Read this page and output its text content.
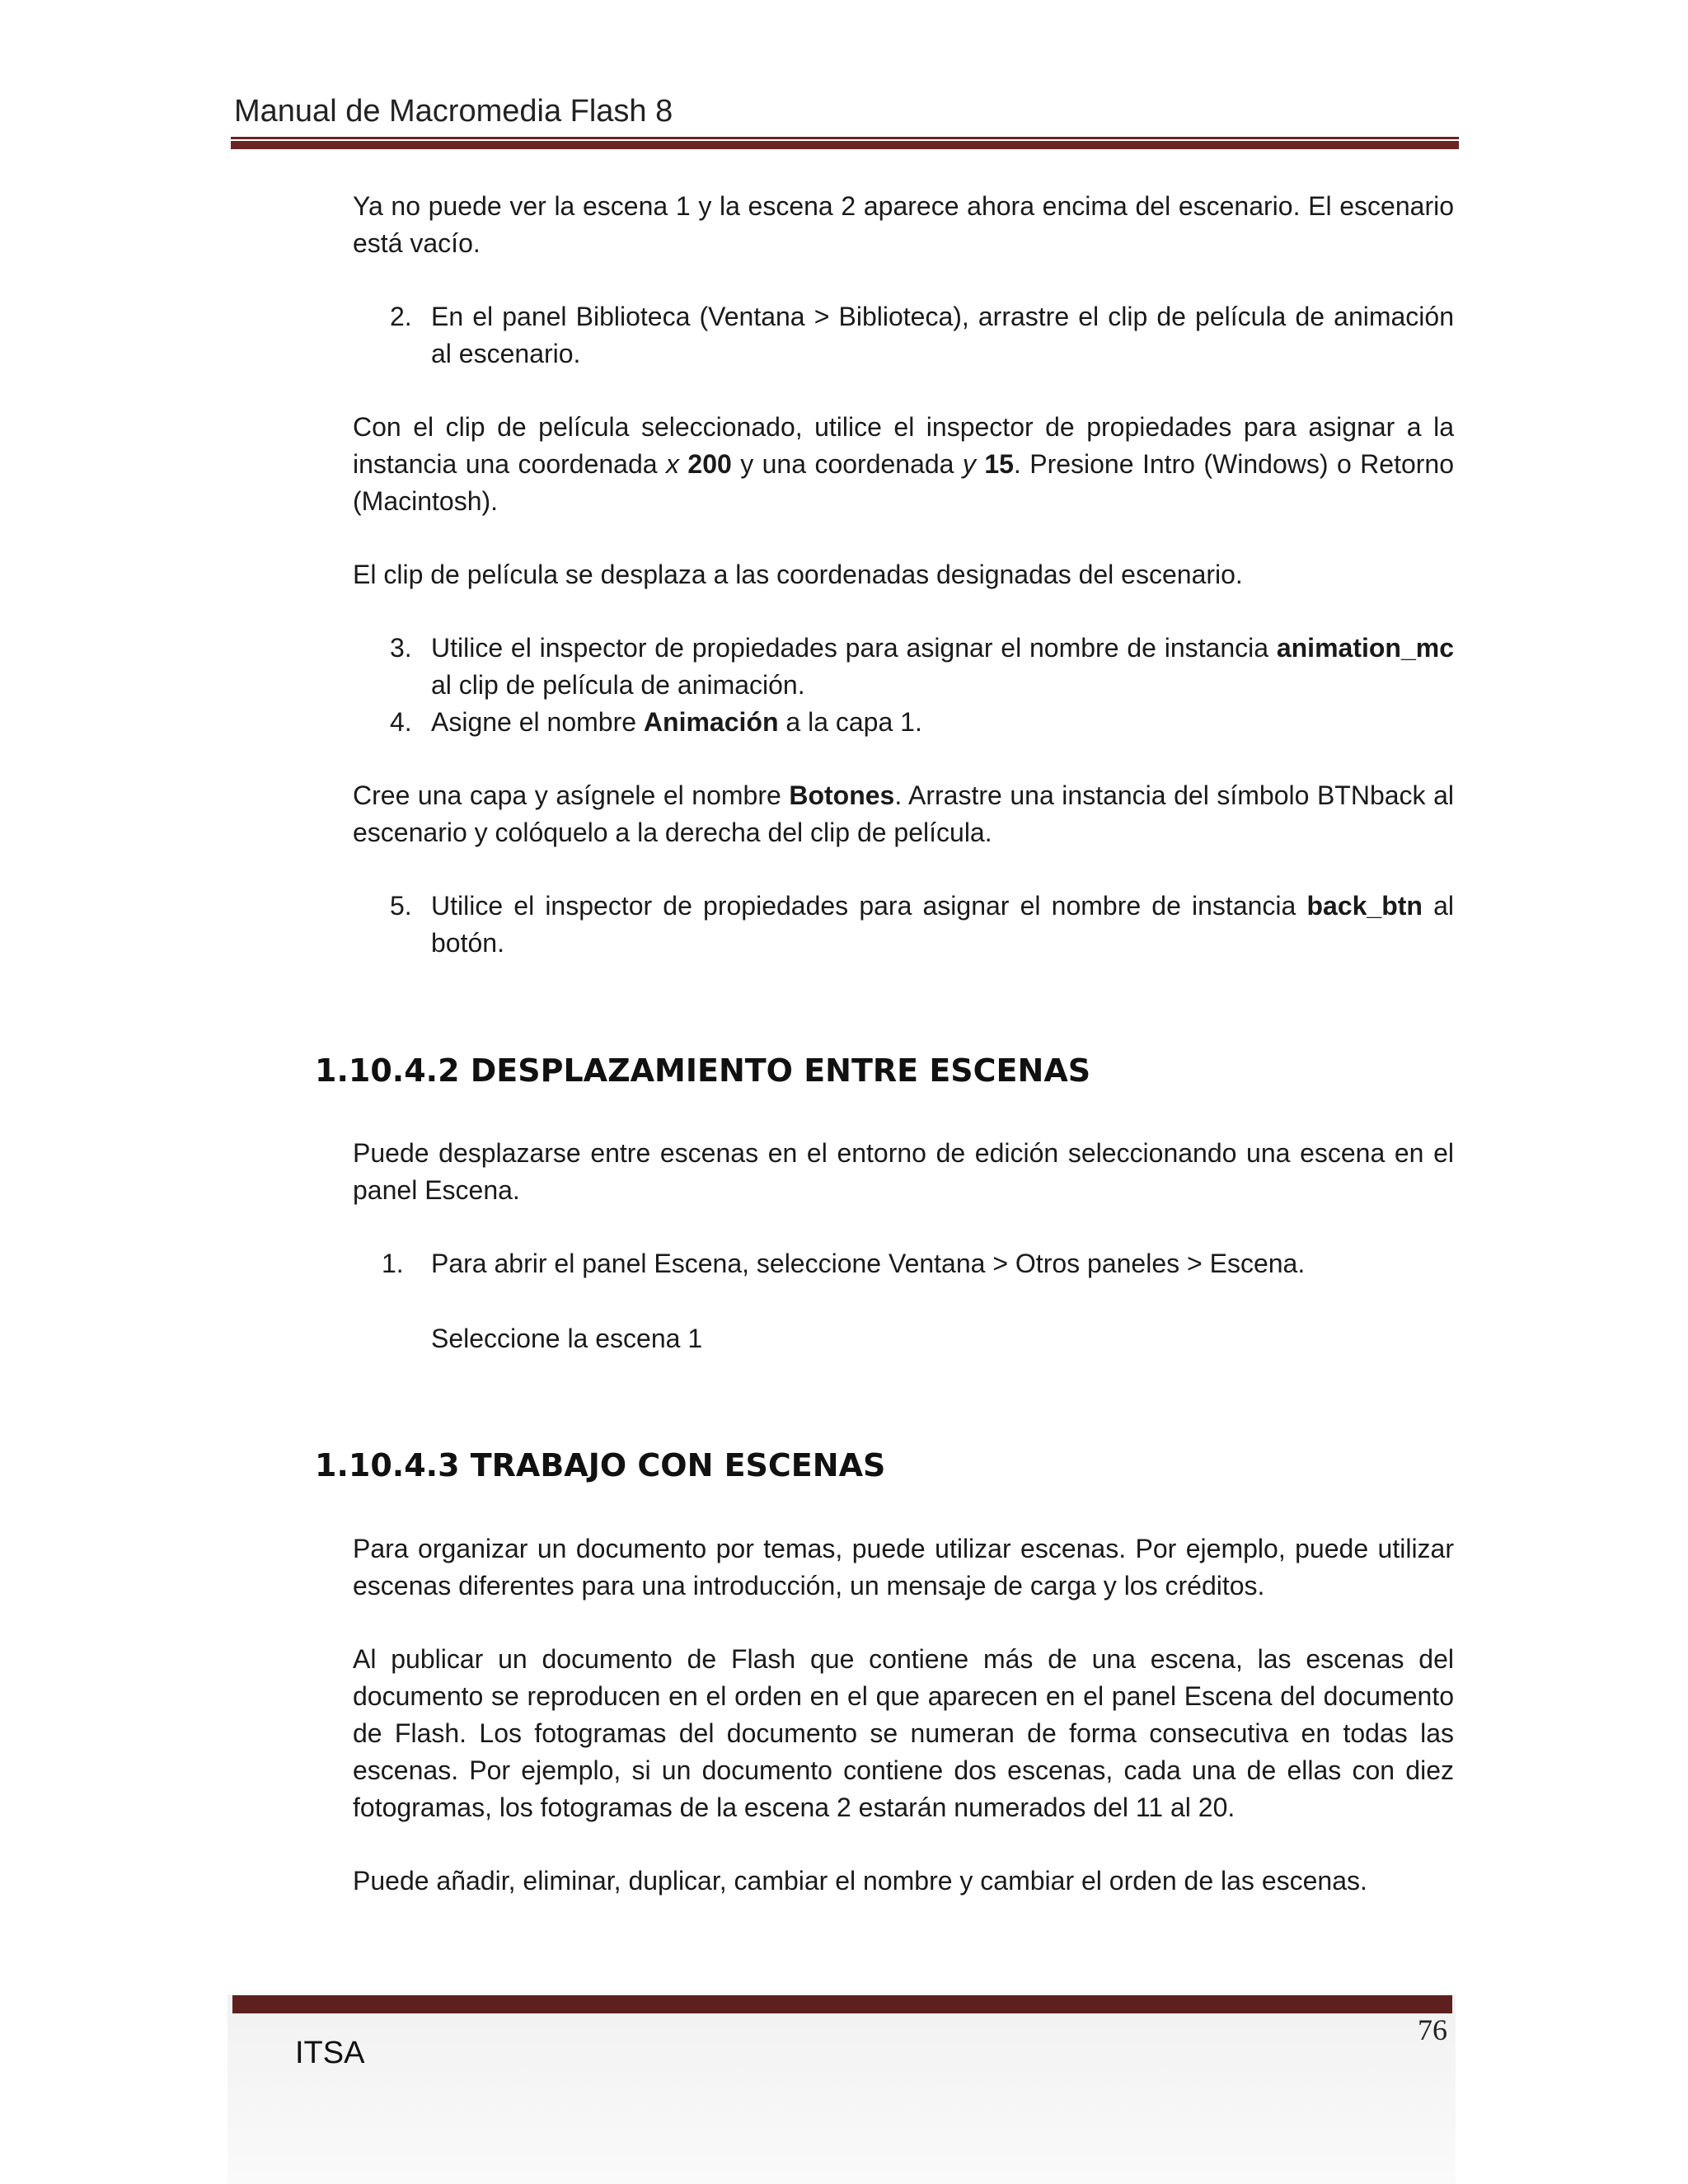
Manual de Macromedia Flash 8

Ya no puede ver la escena 1 y la escena 2 aparece ahora encima del escenario. El escenario está vacío.

2. En el panel Biblioteca (Ventana > Biblioteca), arrastre el clip de película de animación al escenario.

Con el clip de película seleccionado, utilice el inspector de propiedades para asignar a la instancia una coordenada x 200 y una coordenada y 15. Presione Intro (Windows) o Retorno (Macintosh).

El clip de película se desplaza a las coordenadas designadas del escenario.

3. Utilice el inspector de propiedades para asignar el nombre de instancia animation_mc al clip de película de animación.
4. Asigne el nombre Animación a la capa 1.

Cree una capa y asígnele el nombre Botones. Arrastre una instancia del símbolo BTNback al escenario y colóquelo a la derecha del clip de película.

5. Utilice el inspector de propiedades para asignar el nombre de instancia back_btn al botón.
1.10.4.2 DESPLAZAMIENTO ENTRE ESCENAS

Puede desplazarse entre escenas en el entorno de edición seleccionando una escena en el panel Escena.

1. Para abrir el panel Escena, seleccione Ventana > Otros paneles > Escena.
Seleccione la escena 1
1.10.4.3 TRABAJO CON ESCENAS

Para organizar un documento por temas, puede utilizar escenas. Por ejemplo, puede utilizar escenas diferentes para una introducción, un mensaje de carga y los créditos.

Al publicar un documento de Flash que contiene más de una escena, las escenas del documento se reproducen en el orden en el que aparecen en el panel Escena del documento de Flash. Los fotogramas del documento se numeran de forma consecutiva en todas las escenas. Por ejemplo, si un documento contiene dos escenas, cada una de ellas con diez fotogramas, los fotogramas de la escena 2 estarán numerados del 11 al 20.

Puede añadir, eliminar, duplicar, cambiar el nombre y cambiar el orden de las escenas.

ITSA
76
